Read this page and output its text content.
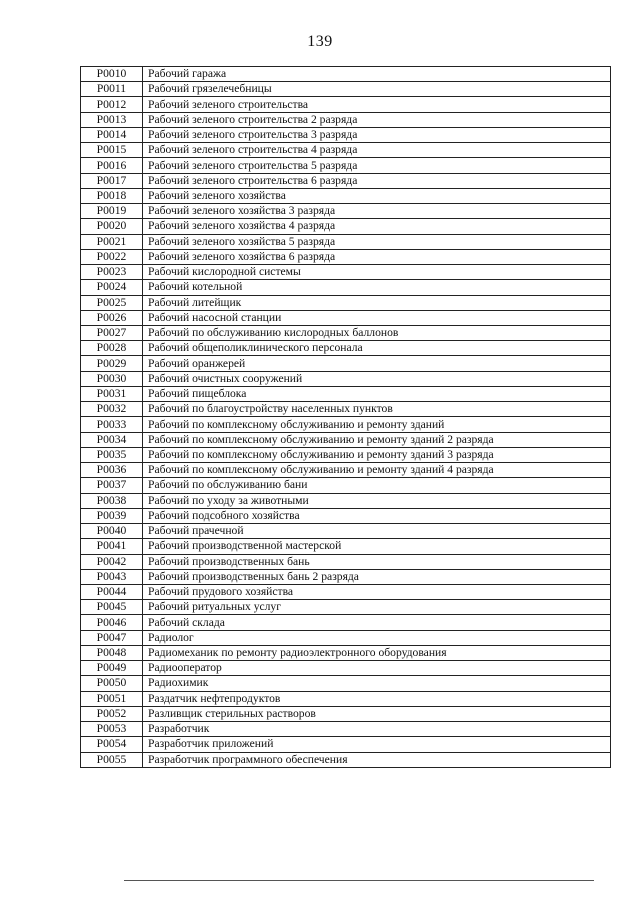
139
Р0010	Рабочий гаража
Р0011	Рабочий грязелечебницы
Р0012	Рабочий зеленого строительства
Р0013	Рабочий зеленого строительства 2 разряда
Р0014	Рабочий зеленого строительства 3 разряда
Р0015	Рабочий зеленого строительства 4 разряда
Р0016	Рабочий зеленого строительства 5 разряда
Р0017	Рабочий зеленого строительства 6 разряда
Р0018	Рабочий зеленого хозяйства
Р0019	Рабочий зеленого хозяйства 3 разряда
Р0020	Рабочий зеленого хозяйства 4 разряда
Р0021	Рабочий зеленого хозяйства 5 разряда
Р0022	Рабочий зеленого хозяйства 6 разряда
Р0023	Рабочий кислородной системы
Р0024	Рабочий котельной
Р0025	Рабочий литейщик
Р0026	Рабочий насосной станции
Р0027	Рабочий по обслуживанию кислородных баллонов
Р0028	Рабочий общеполиклинического персонала
Р0029	Рабочий оранжерей
Р0030	Рабочий очистных сооружений
Р0031	Рабочий пищеблока
Р0032	Рабочий по благоустройству населенных пунктов
Р0033	Рабочий по комплексному обслуживанию и ремонту зданий
Р0034	Рабочий по комплексному обслуживанию и ремонту зданий 2 разряда
Р0035	Рабочий по комплексному обслуживанию и ремонту зданий 3 разряда
Р0036	Рабочий по комплексному обслуживанию и ремонту зданий 4 разряда
Р0037	Рабочий по обслуживанию бани
Р0038	Рабочий по уходу за животными
Р0039	Рабочий подсобного хозяйства
Р0040	Рабочий прачечной
Р0041	Рабочий производственной мастерской
Р0042	Рабочий производственных бань
Р0043	Рабочий производственных бань 2 разряда
Р0044	Рабочий прудового хозяйства
Р0045	Рабочий ритуальных услуг
Р0046	Рабочий склада
Р0047	Радиолог
Р0048	Радиомеханик по ремонту радиоэлектронного оборудования
Р0049	Радиооператор
Р0050	Радиохимик
Р0051	Раздатчик нефтепродуктов
Р0052	Разливщик стерильных растворов
Р0053	Разработчик
Р0054	Разработчик приложений
Р0055	Разработчик программного обеспечения
